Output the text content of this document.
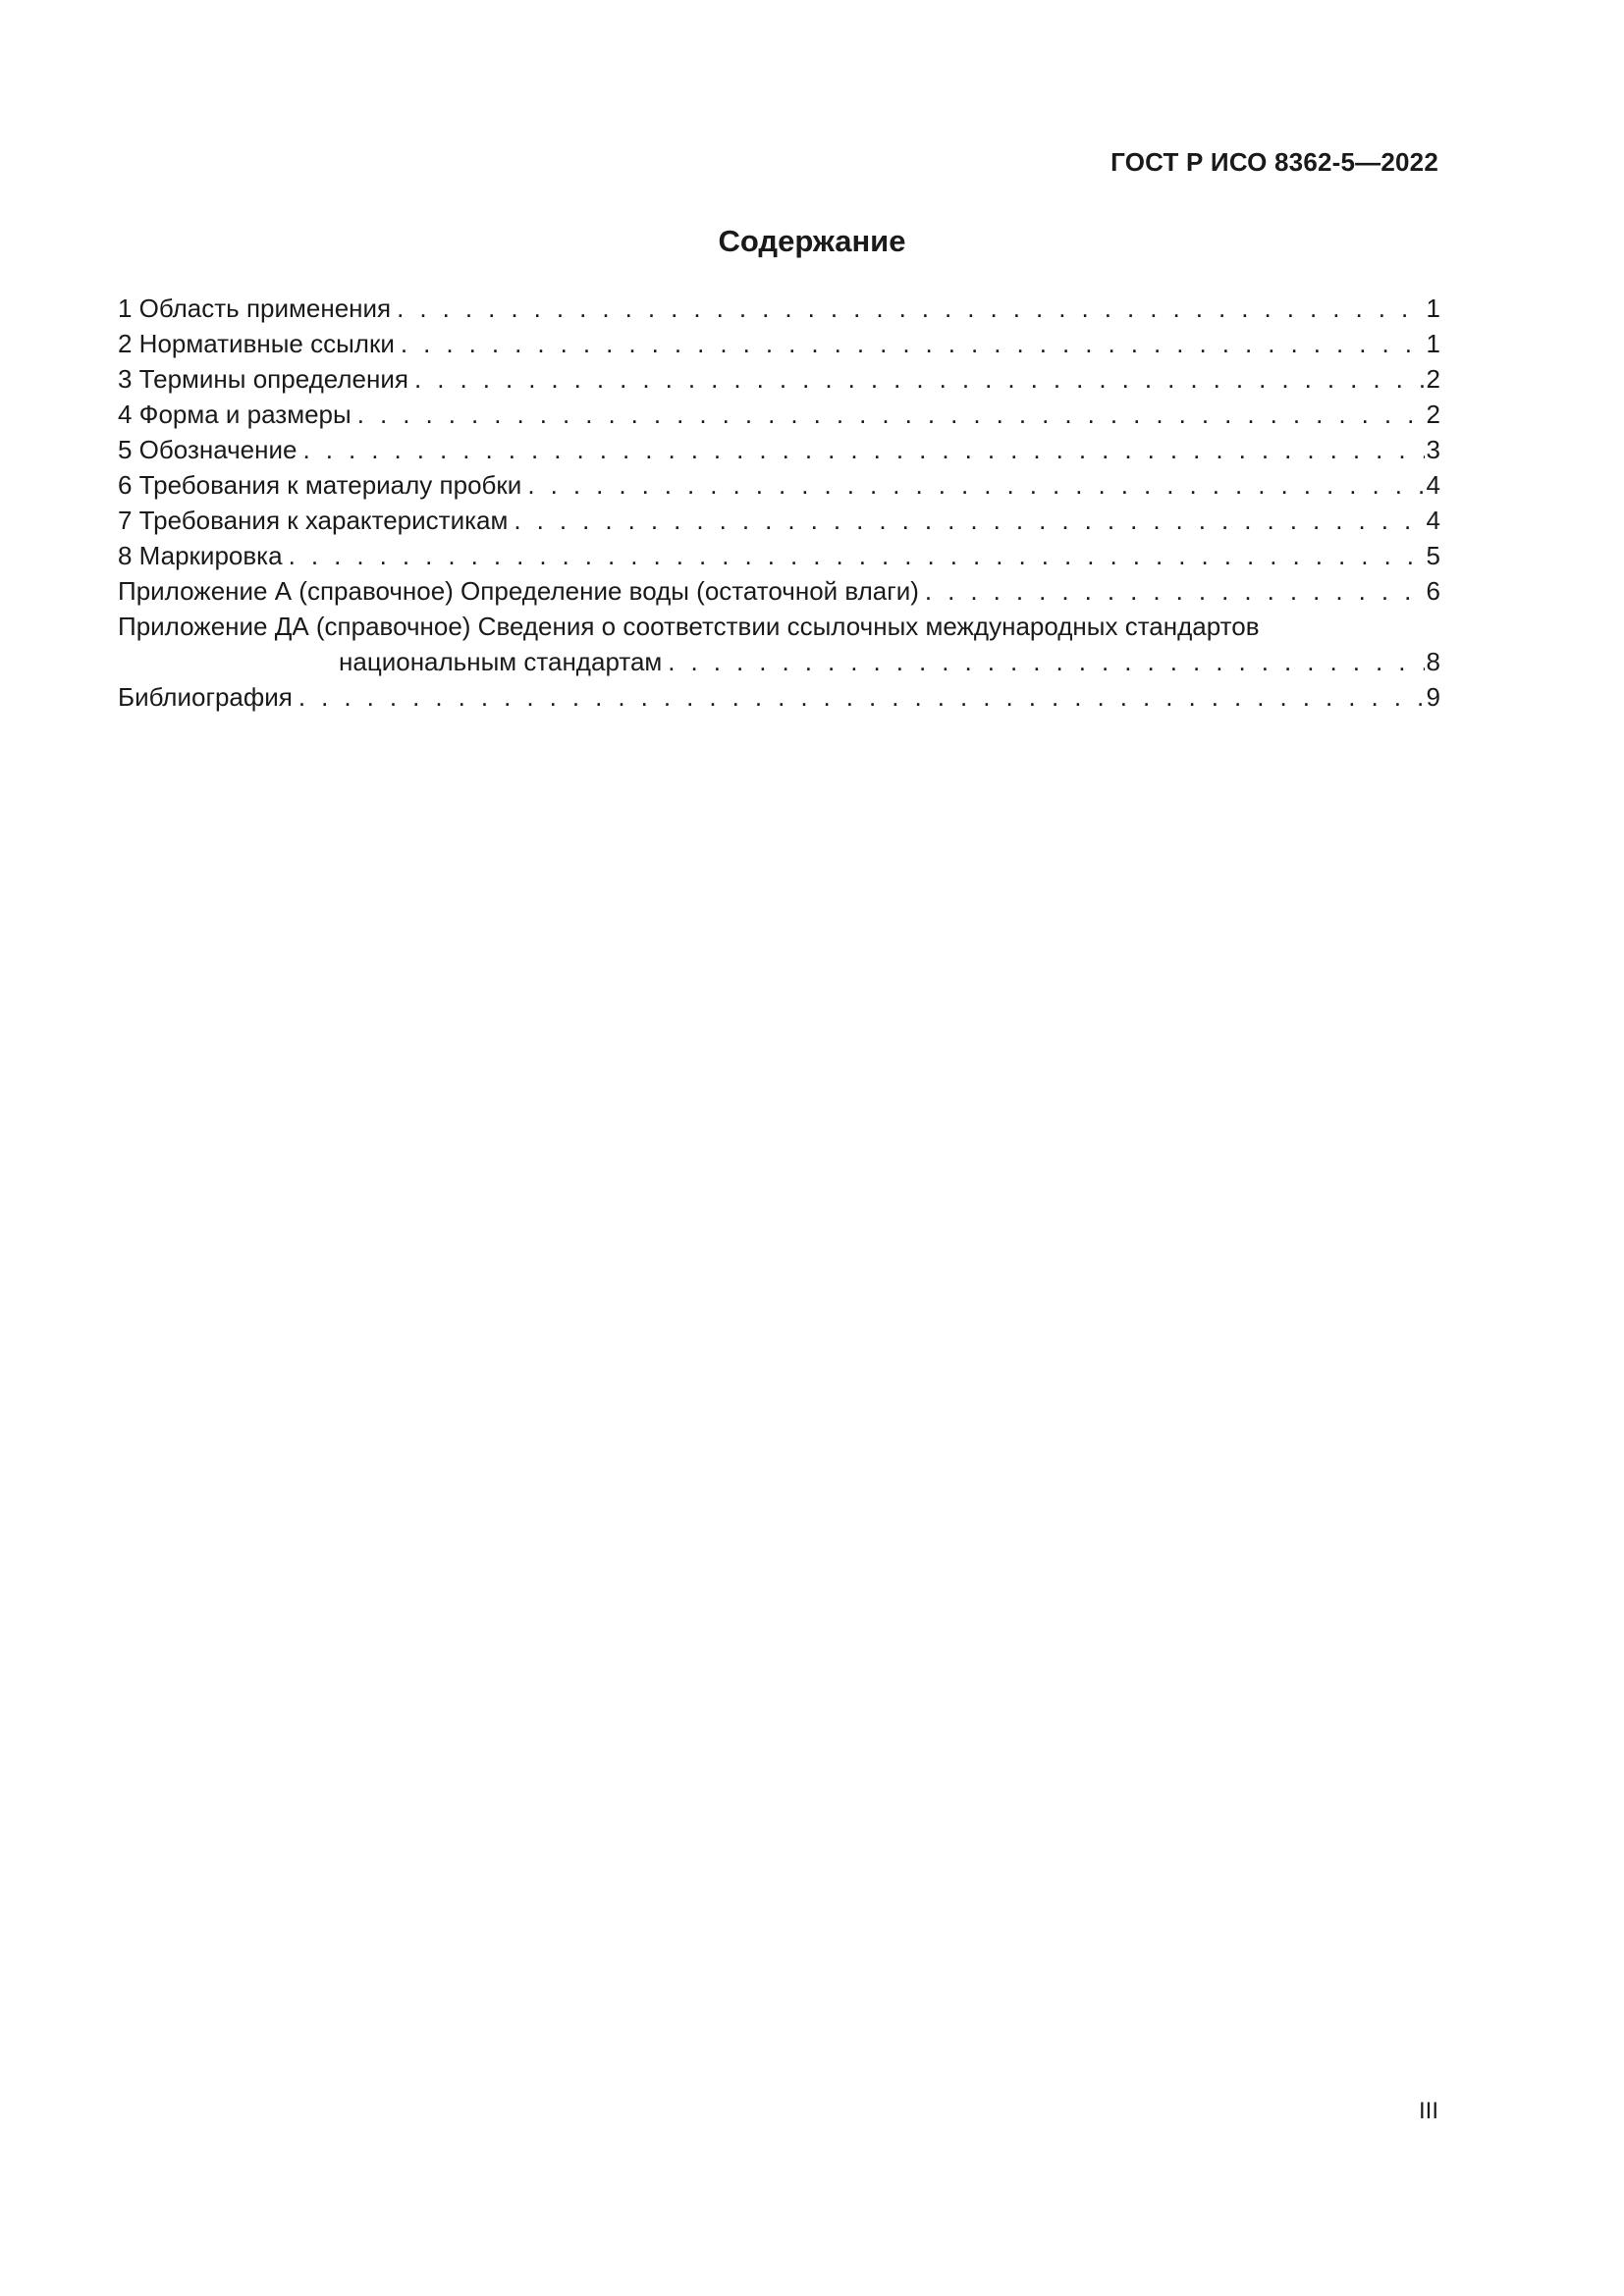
ГОСТ Р ИСО 8362-5—2022
Содержание
1 Область применения . . .	1
2 Нормативные ссылки . . .	1
3 Термины определения . . .	2
4 Форма и размеры . . .	2
5 Обозначение . . .	3
6 Требования к материалу пробки . . .	4
7 Требования к характеристикам . . .	4
8 Маркировка . . .	5
Приложение А (справочное) Определение воды (остаточной влаги) . . .	6
Приложение ДА (справочное) Сведения о соответствии ссылочных международных стандартов
национальным стандартам . . .	8
Библиография . . .	9
III
